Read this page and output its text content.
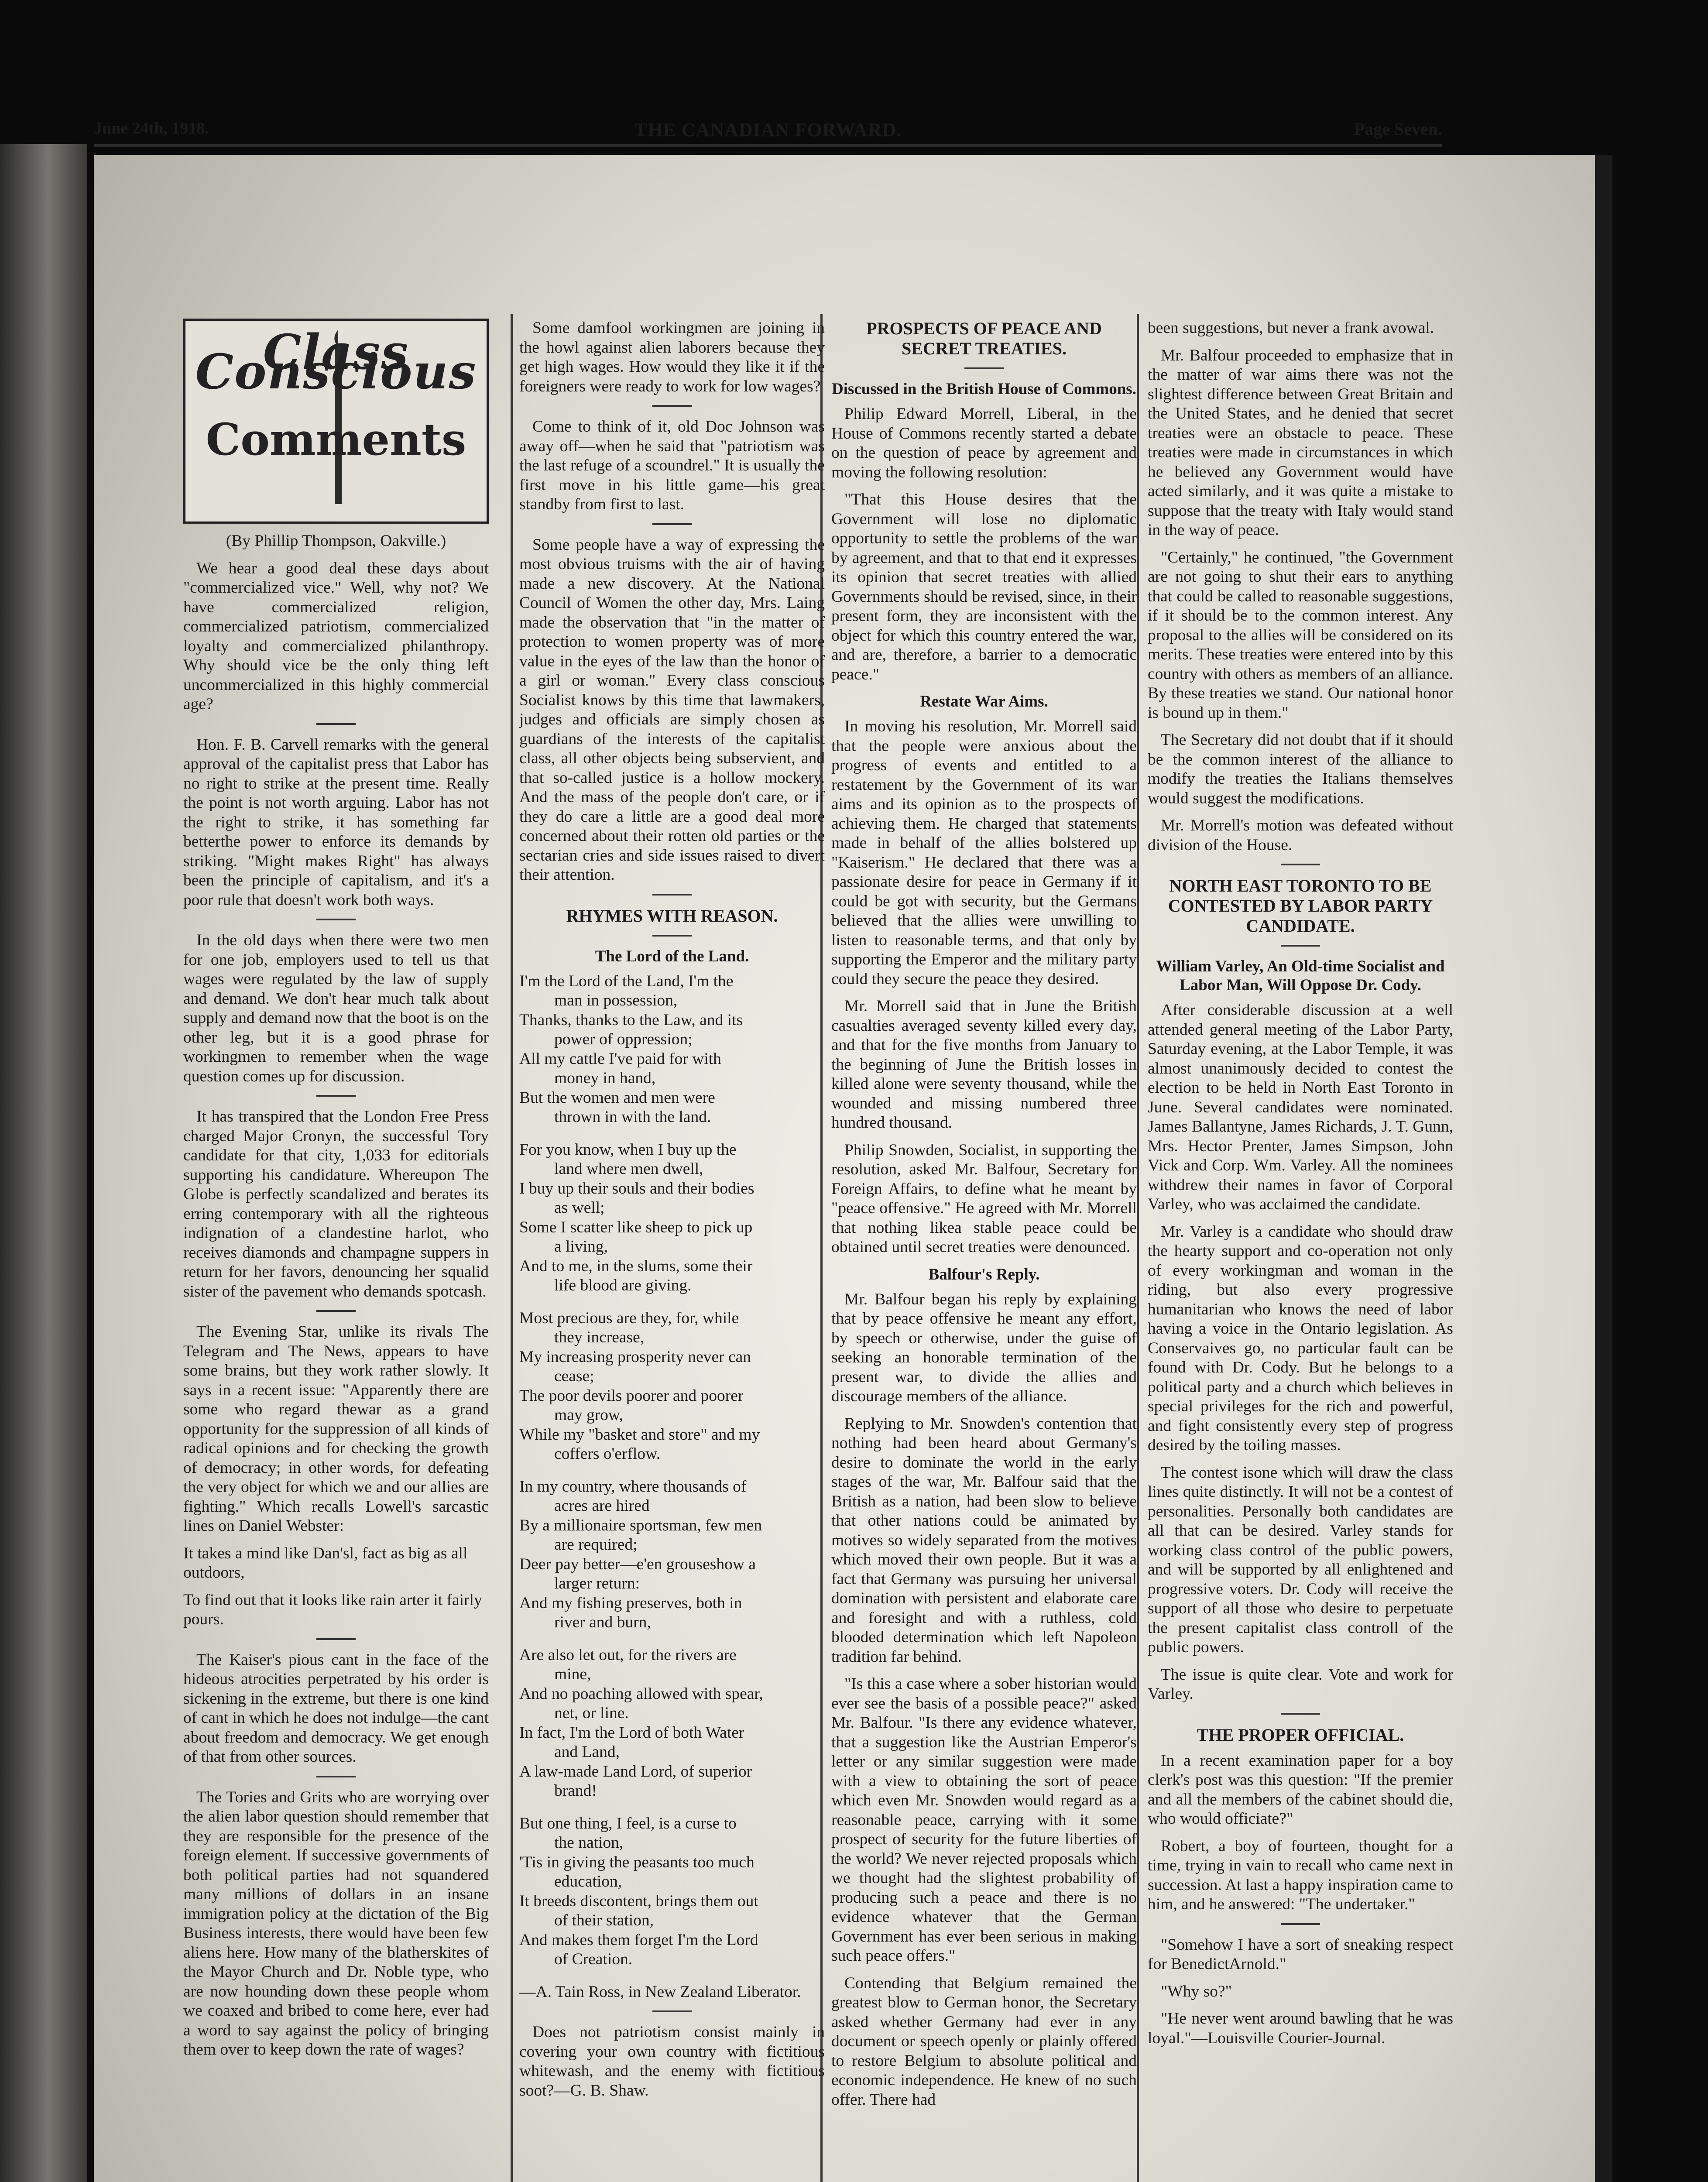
June 24th, 1918.	THE CANADIAN FORWARD.	Page Seven.
Class Conscious
Comments

(By Phillip Thompson, Oakville.)

We hear a good deal these days about "commercialized vice." Well, why not? We have commercialized religion, commercialized patriotism, commercialized loyalty and commercialized philanthropy. Why should vice be the only thing left uncommercialized in this highly commercial age?

Hon. F. B. Carvell remarks with the general approval of the capitalist press that Labor has no right to strike at the present time. Really the point is not worth arguing. Labor has not the right to strike, it has something far betterthe power to enforce its demands by striking. "Might makes Right" has always been the principle of capitalism, and it's a poor rule that doesn't work both ways.

In the old days when there were two men for one job, employers used to tell us that wages were regulated by the law of supply and demand. We don't hear much talk about supply and demand now that the boot is on the other leg, but it is a good phrase for workingmen to remember when the wage question comes up for discussion.

It has transpired that the London Free Press charged Major Cronyn, the successful Tory candidate for that city, 1,033 for editorials supporting his candidature. Whereupon The Globe is perfectly scandalized and berates its erring contemporary with all the righteous indignation of a clandestine harlot, who receives diamonds and champagne suppers in return for her favors, denouncing her squalid sister of the pavement who demands spotcash.

The Evening Star, unlike its rivals The Telegram and The News, appears to have some brains, but they work rather slowly. It says in a recent issue: "Apparently there are some who regard thewar as a grand opportunity for the suppression of all kinds of radical opinions and for checking the growth of democracy; in other words, for defeating the very object for which we and our allies are fighting." Which recalls Lowell's sarcastic lines on Daniel Webster:

It takes a mind like Dan'sl, fact as big as all outdoors,

To find out that it looks like rain arter it fairly pours.

The Kaiser's pious cant in the face of the hideous atrocities perpetrated by his order is sickening in the extreme, but there is one kind of cant in which he does not indulge—the cant about freedom and democracy. We get enough of that from other sources.

The Tories and Grits who are worrying over the alien labor question should remember that they are responsible for the presence of the foreign element. If successive governments of both political parties had not squandered many millions of dollars in an insane immigration policy at the dictation of the Big Business interests, there would have been few aliens here. How many of the blatherskites of the Mayor Church and Dr. Noble type, who are now hounding down these people whom we coaxed and bribed to come here, ever had a word to say against the policy of bringing them over to keep down the rate of wages?

Some damfool workingmen are joining in the howl against alien laborers because they get high wages. How would they like it if the foreigners were ready to work for low wages?

Come to think of it, old Doc Johnson was away off—when he said that "patriotism was the last refuge of a scoundrel." It is usually the first move in his little game—his great standby from first to last.

Some people have a way of expressing the most obvious truisms with the air of having made a new discovery. At the National Council of Women the other day, Mrs. Laing made the observation that "in the matter of protection to women property was of more value in the eyes of the law than the honor of a girl or woman." Every class conscious Socialist knows by this time that lawmakers, judges and officials are simply chosen as guardians of the interests of the capitalist class, all other objects being subservient, and that so-called justice is a hollow mockery. And the mass of the people don't care, or if they do care a little are a good deal more concerned about their rotten old parties or the sectarian cries and side issues raised to divert their attention.

RHYMES WITH REASON.

The Lord of the Land.

I'm the Lord of the Land, I'm the
man in possession,
Thanks, thanks to the Law, and its
power of oppression;
All my cattle I've paid for with
money in hand,
But the women and men were
thrown in with the land.

For you know, when I buy up the
land where men dwell,
I buy up their souls and their bodies
as well;
Some I scatter like sheep to pick up
a living,
And to me, in the slums, some their
life blood are giving.

Most precious are they, for, while
they increase,
My increasing prosperity never can
cease;
The poor devils poorer and poorer
may grow,
While my "basket and store" and my
coffers o'erflow.

In my country, where thousands of
acres are hired
By a millionaire sportsman, few men
are required;
Deer pay better—e'en grouseshow a
larger return:
And my fishing preserves, both in
river and burn,

Are also let out, for the rivers are
mine,
And no poaching allowed with spear,
net, or line.
In fact, I'm the Lord of both Water
and Land,
A law-made Land Lord, of superior
brand!

But one thing, I feel, is a curse to
the nation,
'Tis in giving the peasants too much
education,
It breeds discontent, brings them out
of their station,
And makes them forget I'm the Lord
of Creation.

—A. Tain Ross, in New Zealand Liberator.

Does not patriotism consist mainly in covering your own country with fictitious whitewash, and the enemy with fictitious soot?—G. B. Shaw.

PROSPECTS OF PEACE AND SECRET TREATIES.

Discussed in the British House of Commons.

Philip Edward Morrell, Liberal, in the House of Commons recently started a debate on the question of peace by agreement and moving the following resolution:

"That this House desires that the Government will lose no diplomatic opportunity to settle the problems of the war by agreement, and that to that end it expresses its opinion that secret treaties with allied Governments should be revised, since, in their present form, they are inconsistent with the object for which this country entered the war, and are, therefore, a barrier to a democratic peace."

Restate War Aims.

In moving his resolution, Mr. Morrell said that the people were anxious about the progress of events and entitled to a restatement by the Government of its war aims and its opinion as to the prospects of achieving them. He charged that statements made in behalf of the allies bolstered up "Kaiserism." He declared that there was a passionate desire for peace in Germany if it could be got with security, but the Germans believed that the allies were unwilling to listen to reasonable terms, and that only by supporting the Emperor and the military party could they secure the peace they desired.

Mr. Morrell said that in June the British casualties averaged seventy killed every day, and that for the five months from January to the beginning of June the British losses in killed alone were seventy thousand, while the wounded and missing numbered three hundred thousand.

Philip Snowden, Socialist, in supporting the resolution, asked Mr. Balfour, Secretary for Foreign Affairs, to define what he meant by "peace offensive." He agreed with Mr. Morrell that nothing likea stable peace could be obtained until secret treaties were denounced.

Balfour's Reply.

Mr. Balfour began his reply by explaining that by peace offensive he meant any effort, by speech or otherwise, under the guise of seeking an honorable termination of the present war, to divide the allies and discourage members of the alliance.

Replying to Mr. Snowden's contention that nothing had been heard about Germany's desire to dominate the world in the early stages of the war, Mr. Balfour said that the British as a nation, had been slow to believe that other nations could be animated by motives so widely separated from the motives which moved their own people. But it was a fact that Germany was pursuing her universal domination with persistent and elaborate care and foresight and with a ruthless, cold blooded determination which left Napoleon tradition far behind.

"Is this a case where a sober historian would ever see the basis of a possible peace?" asked Mr. Balfour. "Is there any evidence whatever, that a suggestion like the Austrian Emperor's letter or any similar suggestion were made with a view to obtaining the sort of peace which even Mr. Snowden would regard as a reasonable peace, carrying with it some prospect of security for the future liberties of the world? We never rejected proposals which we thought had the slightest probability of producing such a peace and there is no evidence whatever that the German Government has ever been serious in making such peace offers."

Contending that Belgium remained the greatest blow to German honor, the Secretary asked whether Germany had ever in any document or speech openly or plainly offered to restore Belgium to absolute political and economic independence. He knew of no such offer. There had

been suggestions, but never a frank avowal.

Mr. Balfour proceeded to emphasize that in the matter of war aims there was not the slightest difference between Great Britain and the United States, and he denied that secret treaties were an obstacle to peace. These treaties were made in circumstances in which he believed any Government would have acted similarly, and it was quite a mistake to suppose that the treaty with Italy would stand in the way of peace.

"Certainly," he continued, "the Government are not going to shut their ears to anything that could be called to reasonable suggestions, if it should be to the common interest. Any proposal to the allies will be considered on its merits. These treaties were entered into by this country with others as members of an alliance. By these treaties we stand. Our national honor is bound up in them."

The Secretary did not doubt that if it should be the common interest of the alliance to modify the treaties the Italians themselves would suggest the modifications.

Mr. Morrell's motion was defeated without division of the House.

NORTH EAST TORONTO TO BE CONTESTED BY LABOR PARTY CANDIDATE.

William Varley, An Old-time Socialist and Labor Man, Will Oppose Dr. Cody.

After considerable discussion at a well attended general meeting of the Labor Party, Saturday evening, at the Labor Temple, it was almost unanimously decided to contest the election to be held in North East Toronto in June. Several candidates were nominated. James Ballantyne, James Richards, J. T. Gunn, Mrs. Hector Prenter, James Simpson, John Vick and Corp. Wm. Varley. All the nominees withdrew their names in favor of Corporal Varley, who was acclaimed the candidate.

Mr. Varley is a candidate who should draw the hearty support and co-operation not only of every workingman and woman in the riding, but also every progressive humanitarian who knows the need of labor having a voice in the Ontario legislation. As Conservaives go, no particular fault can be found with Dr. Cody. But he belongs to a political party and a church which believes in special privileges for the rich and powerful, and fight consistently every step of progress desired by the toiling masses.

The contest isone which will draw the class lines quite distinctly. It will not be a contest of personalities. Personally both candidates are all that can be desired. Varley stands for working class control of the public powers, and will be supported by all enlightened and progressive voters. Dr. Cody will receive the support of all those who desire to perpetuate the present capitalist class controll of the public powers.

The issue is quite clear. Vote and work for Varley.

THE PROPER OFFICIAL.

In a recent examination paper for a boy clerk's post was this question: "If the premier and all the members of the cabinet should die, who would officiate?"

Robert, a boy of fourteen, thought for a time, trying in vain to recall who came next in succession. At last a happy inspiration came to him, and he answered: "The undertaker."

"Somehow I have a sort of sneaking respect for BenedictArnold."

"Why so?"

"He never went around bawling that he was loyal."—Louisville Courier-Journal.
